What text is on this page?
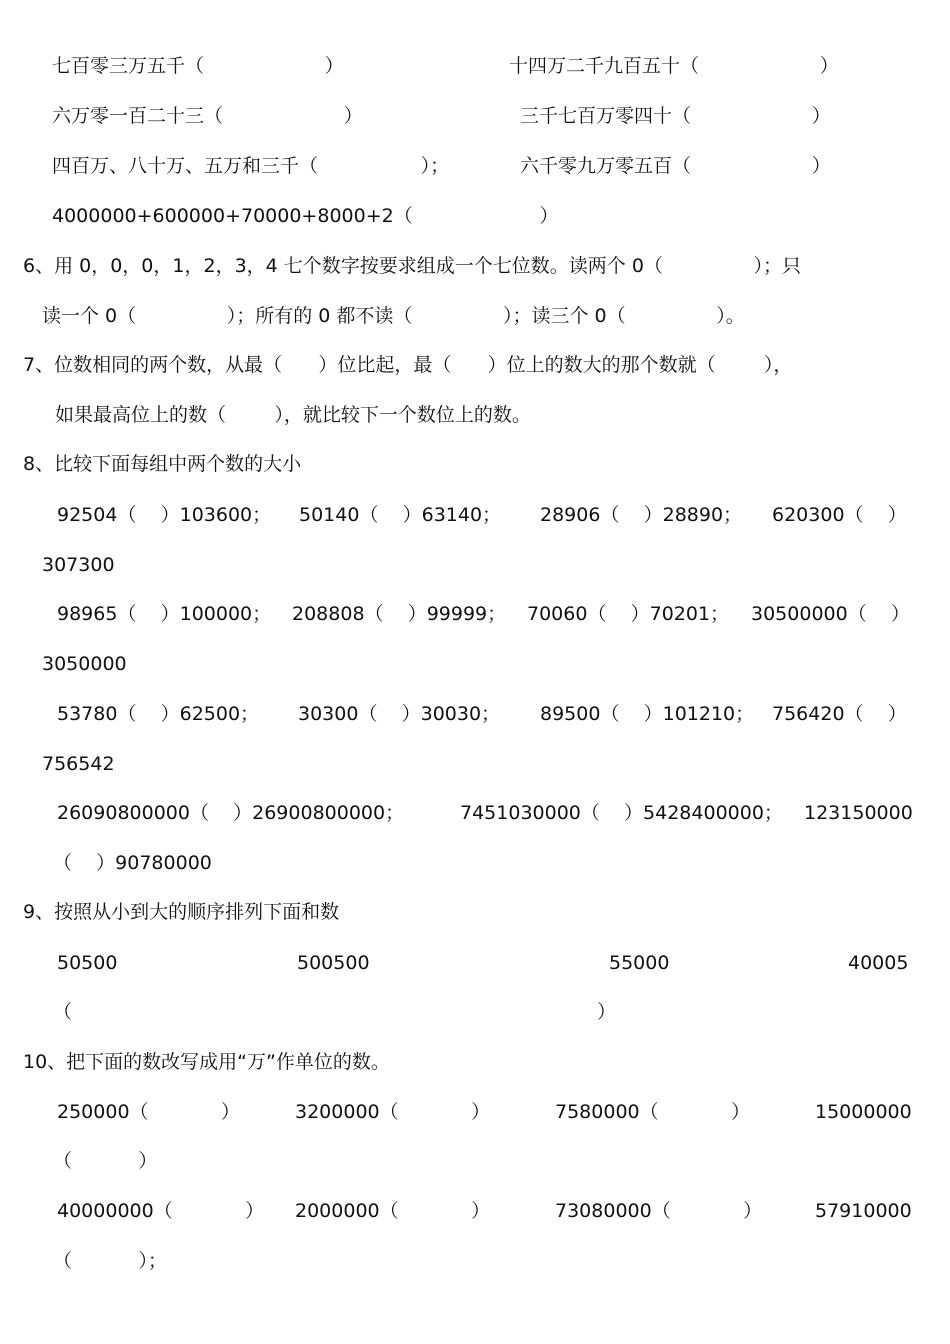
七百零三万五千（                    ）	十四万二千九百五十（                    ）
六万零一百二十三（                    ）	三千七百万零四十（                    ）
四百万、八十万、五万和三千（                 ）；	六千零九万零五百（                    ）
4000000+600000+70000+8000+2（                     ）
6、用 0，0，0，1，2，3，4 七个数字按要求组成一个七位数。读两个 0（               ）；只
读一个 0（               ）；所有的 0 都不读（               ）；读三个 0（               ）。
7、位数相同的两个数，从最（      ）位比起，最（      ）位上的数大的那个数就（        ），
如果最高位上的数（        ），就比较下一个数位上的数。
8、比较下面每组中两个数的大小
92504（    ）103600； 50140（    ）63140； 28906（    ）28890； 620300（    ）
307300
98965（    ）100000； 208808（    ）99999； 70060（    ）70201； 30500000（    ）
3050000
53780（    ）62500； 30300（    ）30030； 89500（    ）101210； 756420（    ）
756542
26090800000（    ）26900800000；	7451030000（    ）5428400000； 123150000
（    ）90780000
9、按照从小到大的顺序排列下面和数
50500	500500	55000	40005
（	）
10、把下面的数改写成用“万”作单位的数。
250000（            ）	3200000（            ）	7580000（            ）	15000000
（           ）
40000000（            ） 2000000（            ）	73080000（            ）	57910000
（           ）；
